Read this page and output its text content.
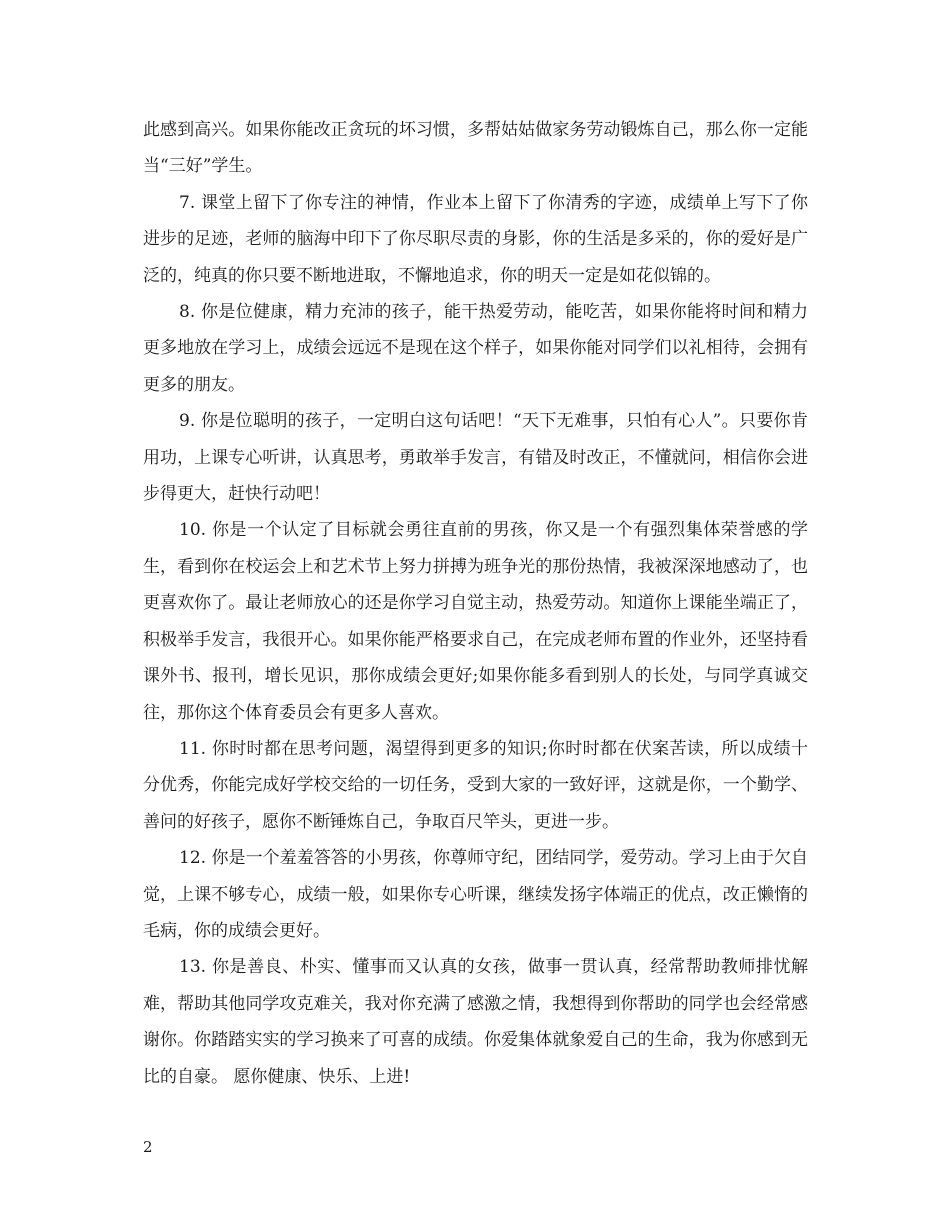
此感到高兴。如果你能改正贪玩的坏习惯，多帮姑姑做家务劳动锻炼自己，那么你一定能当“三好”学生。

7. 课堂上留下了你专注的神情，作业本上留下了你清秀的字迹，成绩单上写下了你进步的足迹，老师的脑海中印下了你尽职尽责的身影，你的生活是多采的，你的爱好是广泛的，纯真的你只要不断地进取，不懈地追求，你的明天一定是如花似锦的。

8. 你是位健康，精力充沛的孩子，能干热爱劳动，能吃苦，如果你能将时间和精力更多地放在学习上，成绩会远远不是现在这个样子，如果你能对同学们以礼相待，会拥有更多的朋友。

9. 你是位聪明的孩子，一定明白这句话吧！“天下无难事，只怕有心人”。只要你肯用功，上课专心听讲，认真思考，勇敢举手发言，有错及时改正，不懂就问，相信你会进步得更大，赶快行动吧！

10. 你是一个认定了目标就会勇往直前的男孩，你又是一个有强烈集体荣誉感的学生，看到你在校运会上和艺术节上努力拼搏为班争光的那份热情，我被深深地感动了，也更喜欢你了。最让老师放心的还是你学习自觉主动，热爱劳动。知道你上课能坐端正了，积极举手发言，我很开心。如果你能严格要求自己，在完成老师布置的作业外，还坚持看课外书、报刊，增长见识，那你成绩会更好;如果你能多看到别人的长处，与同学真诚交往，那你这个体育委员会有更多人喜欢。

11. 你时时都在思考问题，渴望得到更多的知识;你时时都在伏案苦读，所以成绩十分优秀，你能完成好学校交给的一切任务，受到大家的一致好评，这就是你，一个勤学、善问的好孩子，愿你不断锤炼自己，争取百尺竿头，更进一步。

12. 你是一个羞羞答答的小男孩，你尊师守纪，团结同学，爱劳动。学习上由于欠自觉，上课不够专心，成绩一般，如果你专心听课，继续发扬字体端正的优点，改正懒惰的毛病，你的成绩会更好。

13. 你是善良、朴实、懂事而又认真的女孩，做事一贯认真，经常帮助教师排忧解难，帮助其他同学攻克难关，我对你充满了感激之情，我想得到你帮助的同学也会经常感谢你。你踏踏实实的学习换来了可喜的成绩。你爱集体就象爱自己的生命，我为你感到无比的自豪。 愿你健康、快乐、上进!

2
